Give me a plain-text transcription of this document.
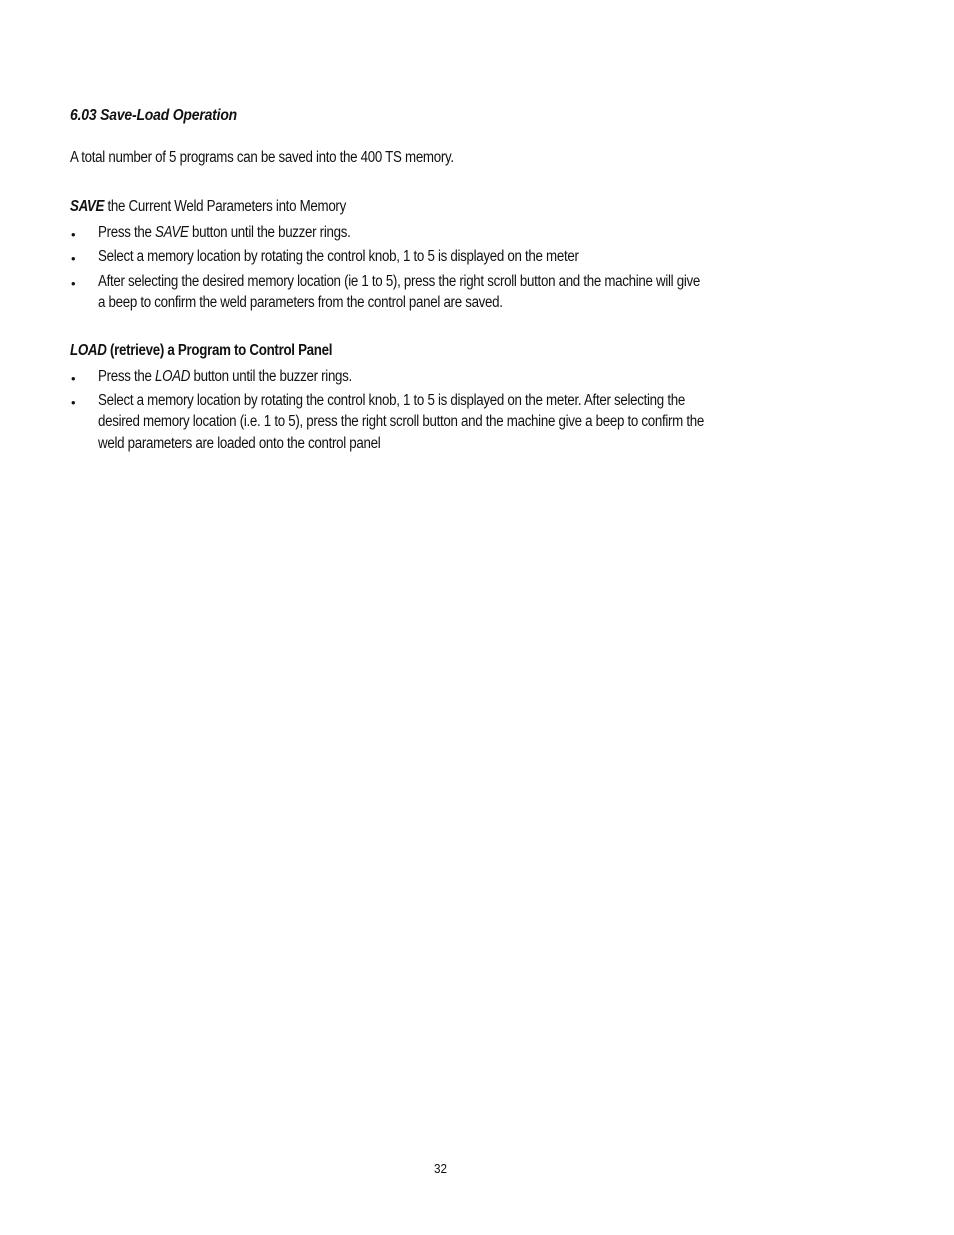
6.03 Save-Load Operation
A total number of 5 programs can be saved into the 400 TS memory.
SAVE the Current Weld Parameters into Memory
• Press the SAVE button until the buzzer rings.
• Select a memory location by rotating the control knob, 1 to 5 is displayed on the meter
• After selecting the desired memory location (ie 1 to 5), press the right scroll button and the machine will give
a beep to confirm the weld parameters from the control panel are saved.
LOAD (retrieve) a Program to Control Panel
• Press the LOAD button until the buzzer rings.
• Select a memory location by rotating the control knob, 1 to 5 is displayed on the meter. After selecting the
desired memory location (i.e. 1 to 5), press the right scroll button and the machine give a beep to confirm the
weld parameters are loaded onto the control panel
32
